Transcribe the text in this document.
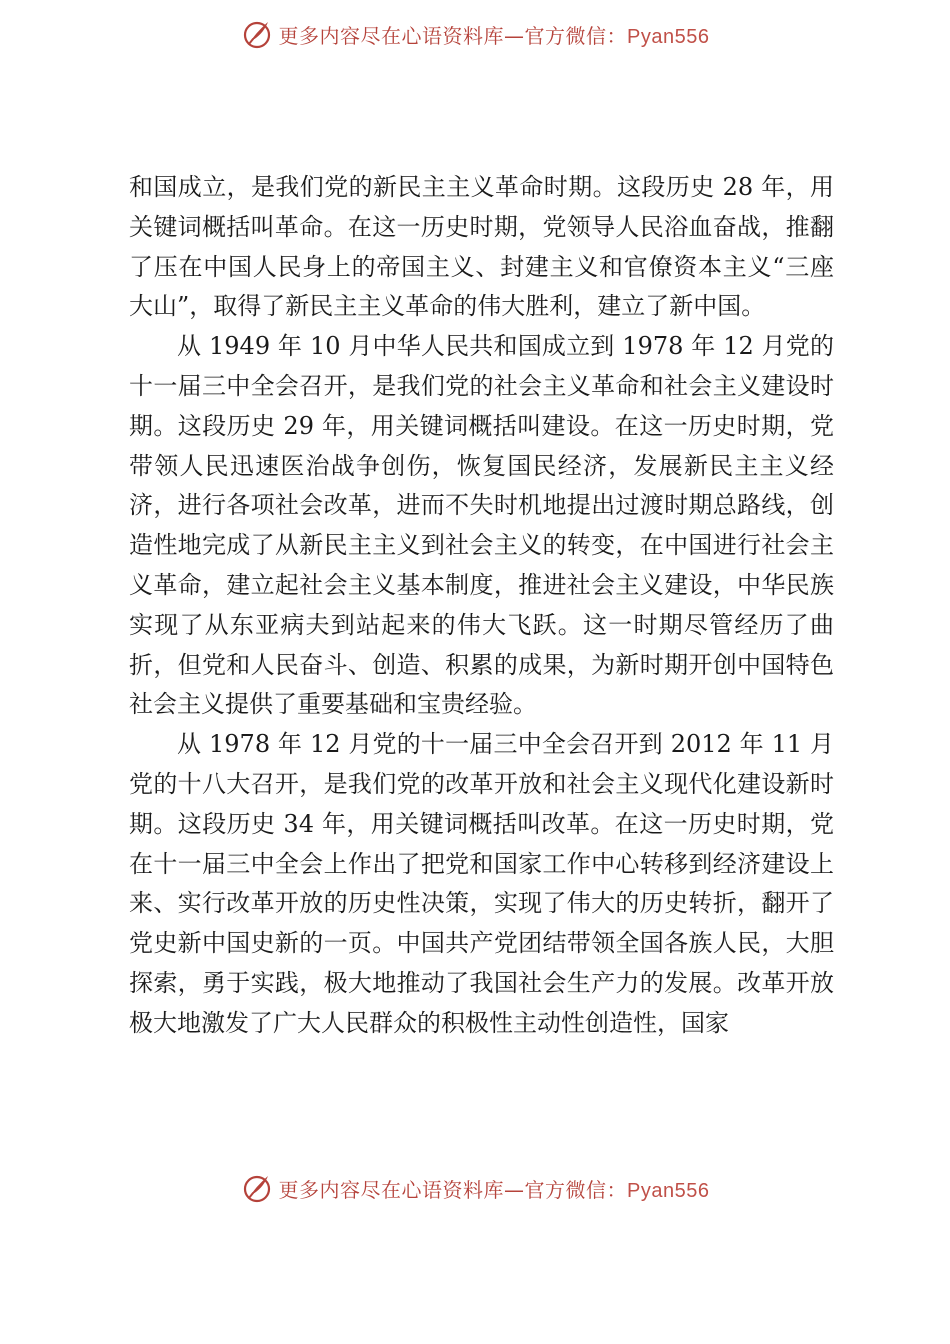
更多内容尽在心语资料库—官方微信：Pyan556

和国成立，是我们党的新民主主义革命时期。这段历史 28 年，用关键词概括叫革命。在这一历史时期，党领导人民浴血奋战，推翻了压在中国人民身上的帝国主义、封建主义和官僚资本主义“三座大山”，取得了新民主主义革命的伟大胜利，建立了新中国。

从 1949 年 10 月中华人民共和国成立到 1978 年 12 月党的十一届三中全会召开，是我们党的社会主义革命和社会主义建设时期。这段历史 29 年，用关键词概括叫建设。在这一历史时期，党带领人民迅速医治战争创伤，恢复国民经济，发展新民主主义经济，进行各项社会改革，进而不失时机地提出过渡时期总路线，创造性地完成了从新民主主义到社会主义的转变，在中国进行社会主义革命，建立起社会主义基本制度，推进社会主义建设，中华民族实现了从东亚病夫到站起来的伟大飞跃。这一时期尽管经历了曲折，但党和人民奋斗、创造、积累的成果，为新时期开创中国特色社会主义提供了重要基础和宝贵经验。

从 1978 年 12 月党的十一届三中全会召开到 2012 年 11 月党的十八大召开，是我们党的改革开放和社会主义现代化建设新时期。这段历史 34 年，用关键词概括叫改革。在这一历史时期，党在十一届三中全会上作出了把党和国家工作中心转移到经济建设上来、实行改革开放的历史性决策，实现了伟大的历史转折，翻开了党史新中国史新的一页。中国共产党团结带领全国各族人民，大胆探索，勇于实践，极大地推动了我国社会生产力的发展。改革开放极大地激发了广大人民群众的积极性主动性创造性，国家

更多内容尽在心语资料库—官方微信：Pyan556
